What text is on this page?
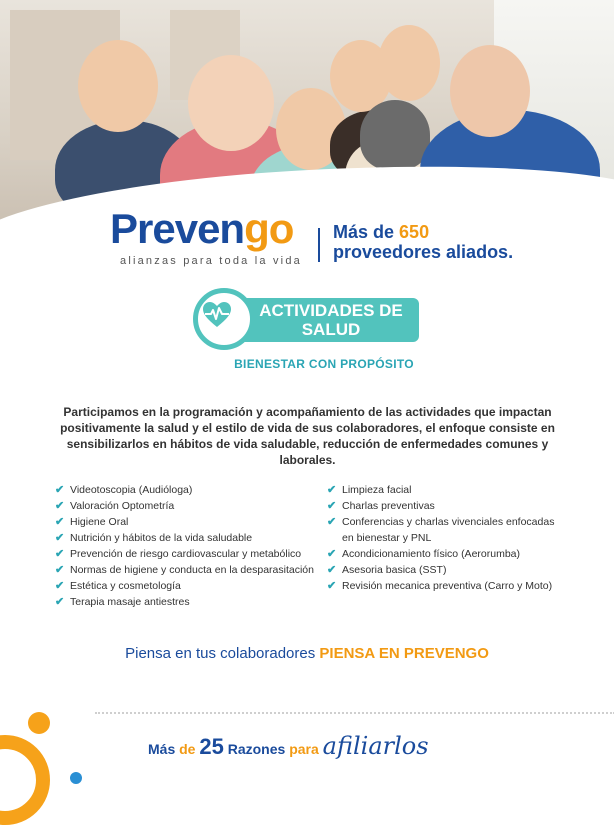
Prevengo
alianzas para toda la vida
Más de 650
proveedores aliados.
ACTIVIDADES DE
SALUD
BIENESTAR CON PROPÓSITO
Participamos en la programación y acompañamiento de las actividades que impactan positivamente la salud y el estilo de vida de sus colaboradores, el enfoque consiste en sensibilizarlos en hábitos de vida saludable, reducción de enfermedades comunes y laborales.
✔ Videotoscopia (Audióloga)
✔ Valoración Optometría
✔ Higiene Oral
✔ Nutrición y hábitos de la vida saludable
✔ Prevención de riesgo cardiovascular y metabólico
✔ Normas de higiene y conducta en la desparasitación
✔ Estética y cosmetología
✔ Terapia masaje antiestres
✔ Limpieza facial
✔ Charlas preventivas
✔ Conferencias y charlas vivenciales enfocadas en bienestar y PNL
✔ Acondicionamiento físico (Aerorumba)
✔ Asesoria basica (SST)
✔ Revisión mecanica preventiva (Carro y Moto)
Piensa en tus colaboradores PIENSA EN PREVENGO
Más de 25 Razones para afiliarlos
